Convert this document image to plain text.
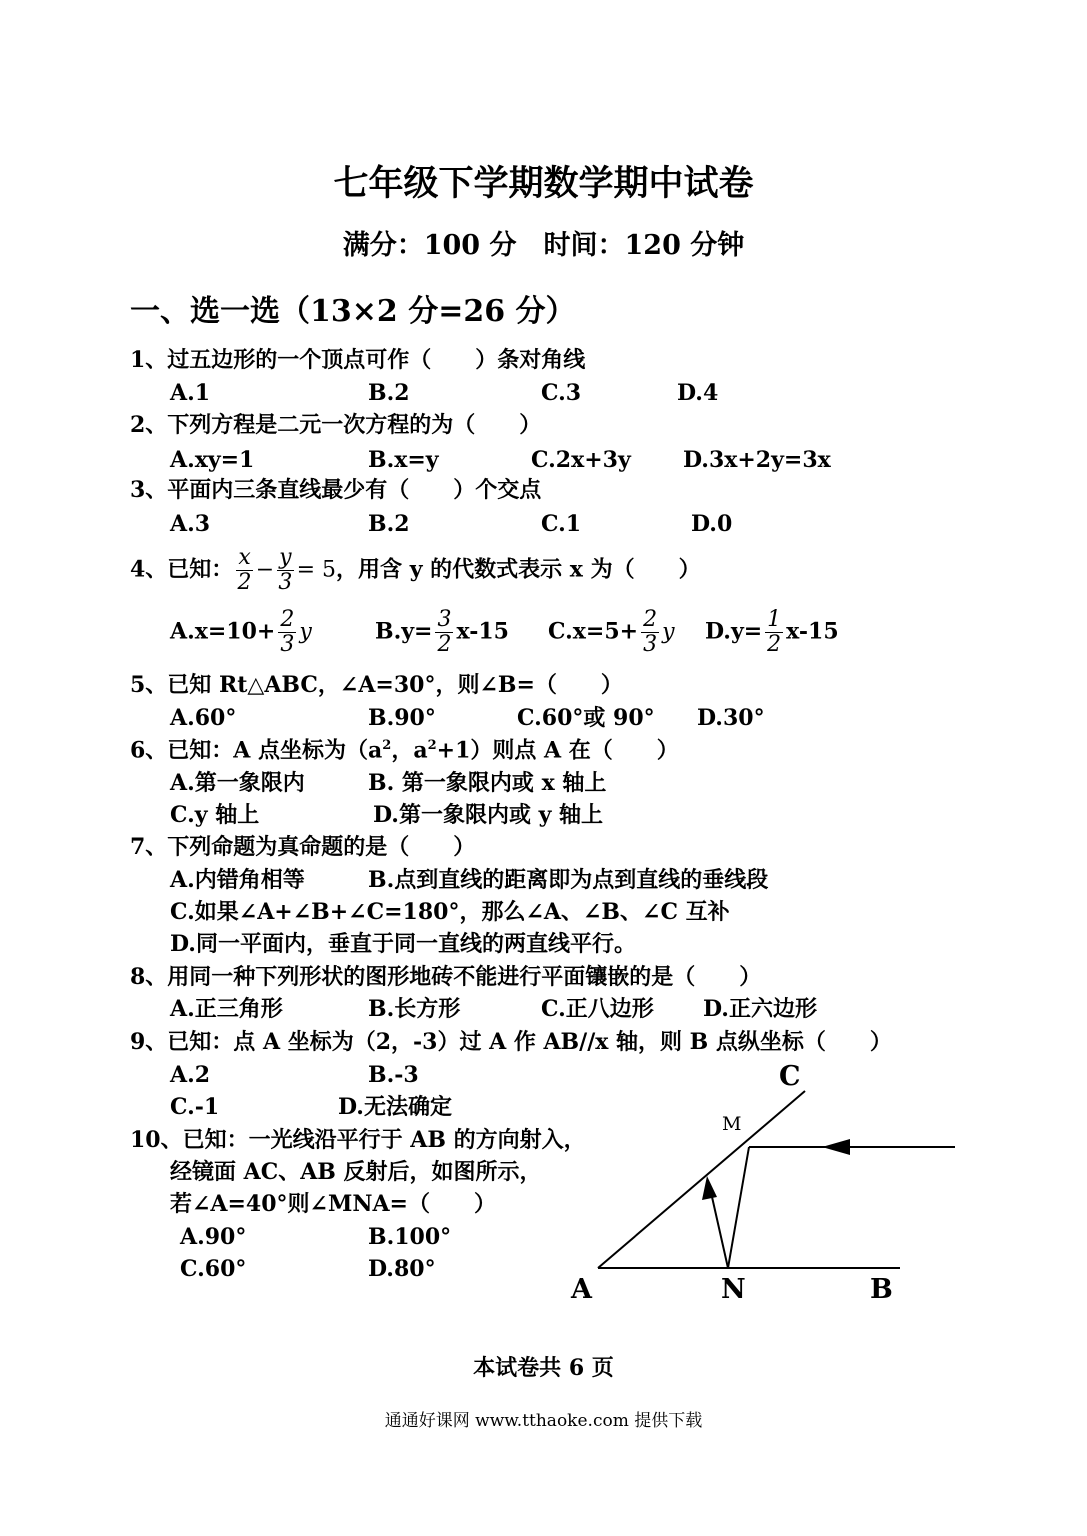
七年级下学期数学期中试卷
满分：100 分　时间：120 分钟
一、选一选（13×2 分=26 分）
1、过五边形的一个顶点可作（　　）条对角线
A.1	B.2	C.3	D.4
2、下列方程是二元一次方程的为（　　）
A.xy=1	B.x=y	C.2x+3y D.3x+2y=3x
3、平面内三条直线最少有（　　）个交点
A.3	B.2	C.1	D.0
4、已知： $\frac{x}{2} - \frac{y}{3} = 5$，用含 y 的代数式表示 x 为（　　）
$A.x=10+ \frac{2}{3}$ y	$B.y= \frac{3}{2} x-15$ $C.x=5+ \frac{2}{3}$ y $D.y= \frac{1}{2} x-15$
5、已知 Rt△ABC，∠A=30°，则∠B=（　　）
A.60°	B.90°	C.60°或 90° D.30°
6、已知：A 点坐标为（$a^2$，$a^2+1$）则点 A 在（　　）
A.第一象限内	B. 第一象限内或 x 轴上
C.y 轴上	D.第一象限内或 y 轴上
7、下列命题为真命题的是（　　）
A.内错角相等	B.点到直线的距离即为点到直线的垂线段
C.如果∠A+∠B+∠C=180°，那么∠A、∠B、∠C 互补
D.同一平面内，垂直于同一直线的两直线平行。
8、用同一种下列形状的图形地砖不能进行平面镶嵌的是（　　）
A.正三角形	B.长方形	C.正八边形 D.正六边形
9、已知：点 A 坐标为（2，-3）过 A 作 AB//x 轴，则 B 点纵坐标（　　）
A.2	B.-3
C.-1	D.无法确定
10、已知：一光线沿平行于 AB 的方向射入，
经镜面 AC、AB 反射后，如图所示，
若∠A=40°则∠MNA=（　　）
A.90°	B.100°
C.60°	D.80°
C
M
A	N	B
本试卷共 6 页
通通好课网 www.tthaoke.com 提供下载
